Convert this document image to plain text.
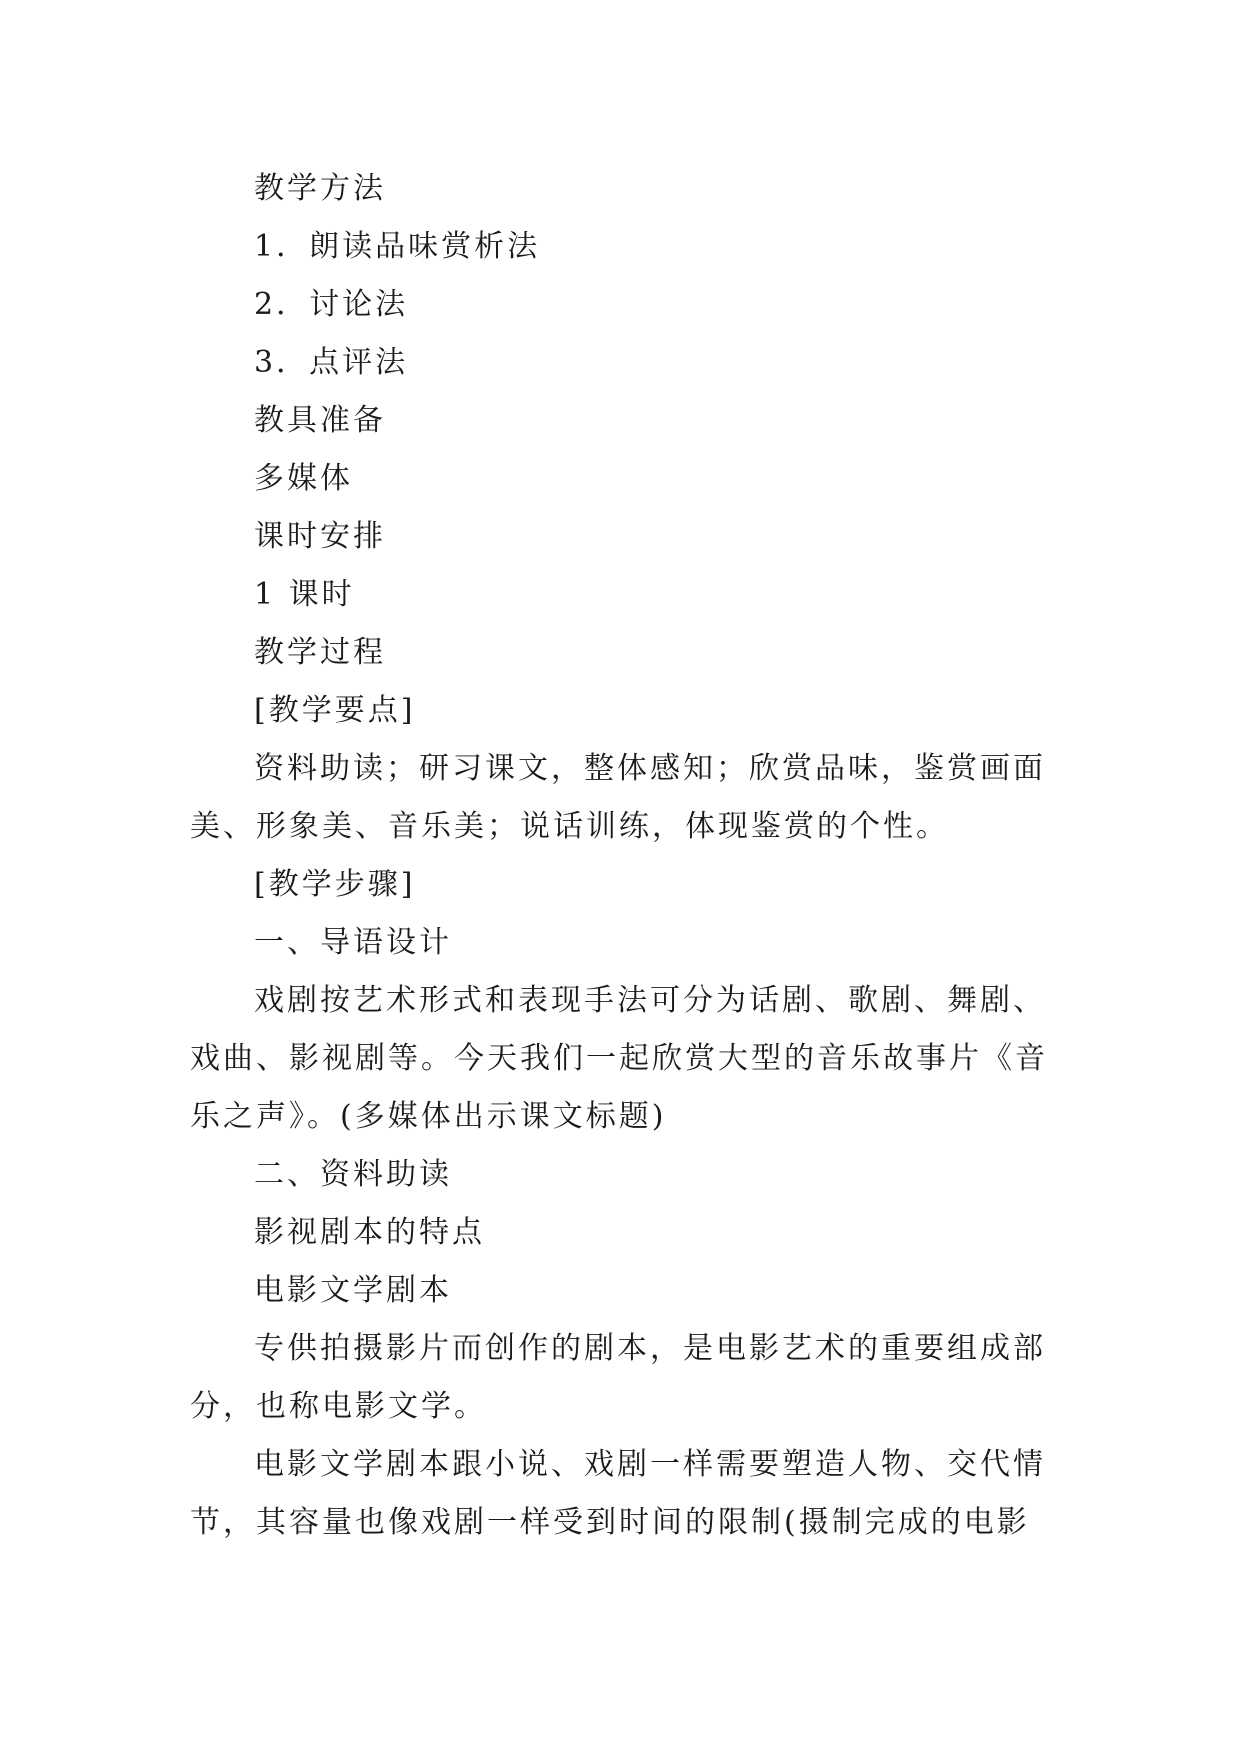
教学方法
1．朗读品味赏析法
2．讨论法
3．点评法
教具准备
多媒体
课时安排
1 课时
教学过程
[教学要点]
资料助读；研习课文，整体感知；欣赏品味，鉴赏画面
美、形象美、音乐美；说话训练，体现鉴赏的个性。
[教学步骤]
一、导语设计
戏剧按艺术形式和表现手法可分为话剧、歌剧、舞剧、
戏曲、影视剧等。今天我们一起欣赏大型的音乐故事片《音
乐之声》。(多媒体出示课文标题)
二、资料助读
影视剧本的特点
电影文学剧本
专供拍摄影片而创作的剧本，是电影艺术的重要组成部
分，也称电影文学。
电影文学剧本跟小说、戏剧一样需要塑造人物、交代情
节，其容量也像戏剧一样受到时间的限制(摄制完成的电影
